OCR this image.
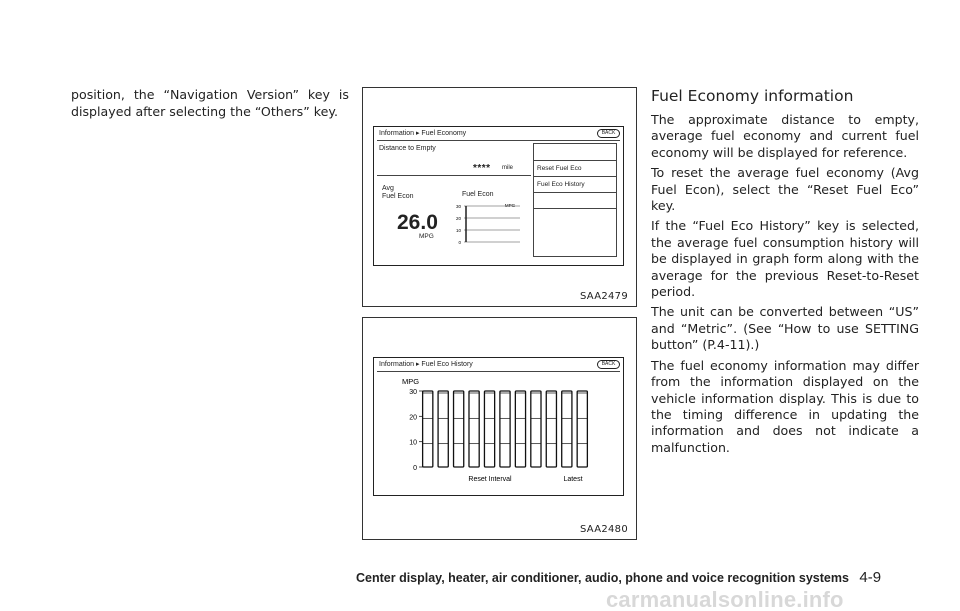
position, the “Navigation Version” key is displayed after selecting the “Others” key.
Information ▸ Fuel Economy	BACK
Distance to Empty
**** mile
Avg
Fuel Econ
26.0
MPG
Fuel Econ
MPG
30
20
10
0
Reset Fuel Eco
Fuel Eco History
SAA2479
Information ▸ Fuel Eco History	BACK
MPG
30
20
10
0
Reset Interval	Latest
SAA2480
Fuel Economy information

The approximate distance to empty, average fuel economy and current fuel economy will be displayed for reference.

To reset the average fuel economy (Avg Fuel Econ), select the “Reset Fuel Eco” key.

If the “Fuel Eco History” key is selected, the average fuel consumption history will be displayed in graph form along with the average for the previous Reset-to-Reset period.

The unit can be converted between “US” and “Metric”. (See “How to use SETTING button” (P.4-11).)

The fuel economy information may differ from the information displayed on the vehicle information display. This is due to the timing difference in updating the information and does not indicate a malfunction.

Center display, heater, air conditioner, audio, phone and voice recognition systems 4-9
carmanualsonline.info
